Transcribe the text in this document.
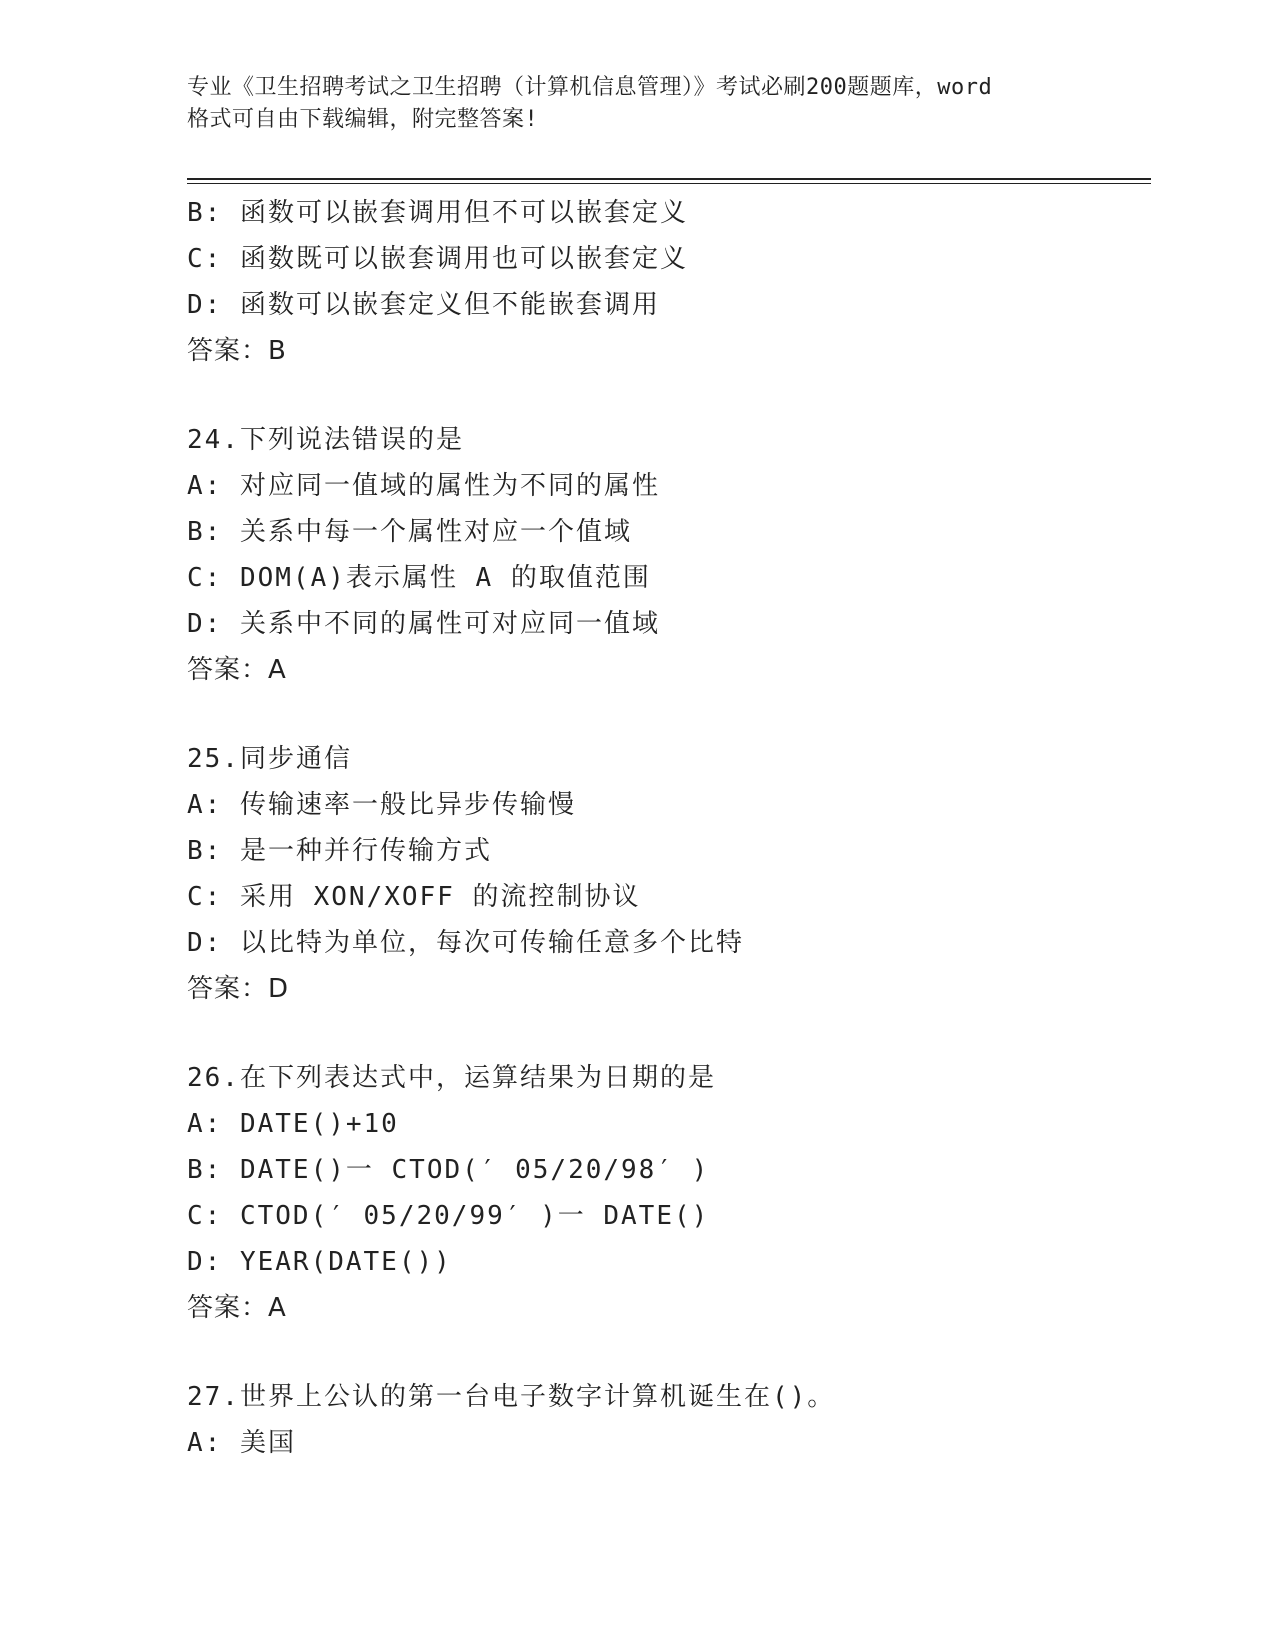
专业《卫生招聘考试之卫生招聘（计算机信息管理）》考试必刷200题题库，word
格式可自由下载编辑，附完整答案!
B: 函数可以嵌套调用但不可以嵌套定义
C: 函数既可以嵌套调用也可以嵌套定义
D: 函数可以嵌套定义但不能嵌套调用
答案：B
24.下列说法错误的是
A: 对应同一值域的属性为不同的属性
B: 关系中每一个属性对应一个值域
C: DOM(A)表示属性 A 的取值范围
D: 关系中不同的属性可对应同一值域
答案：A
25.同步通信
A: 传输速率一般比异步传输慢
B: 是一种并行传输方式
C: 采用 XON/XOFF 的流控制协议
D: 以比特为单位，每次可传输任意多个比特
答案：D
26.在下列表达式中，运算结果为日期的是
A: DATE()+10
B: DATE()一 CTOD(′ 05/20/98′ )
C: CTOD(′ 05/20/99′ )一 DATE()
D: YEAR(DATE())
答案：A
27.世界上公认的第一台电子数字计算机诞生在()。
A: 美国
